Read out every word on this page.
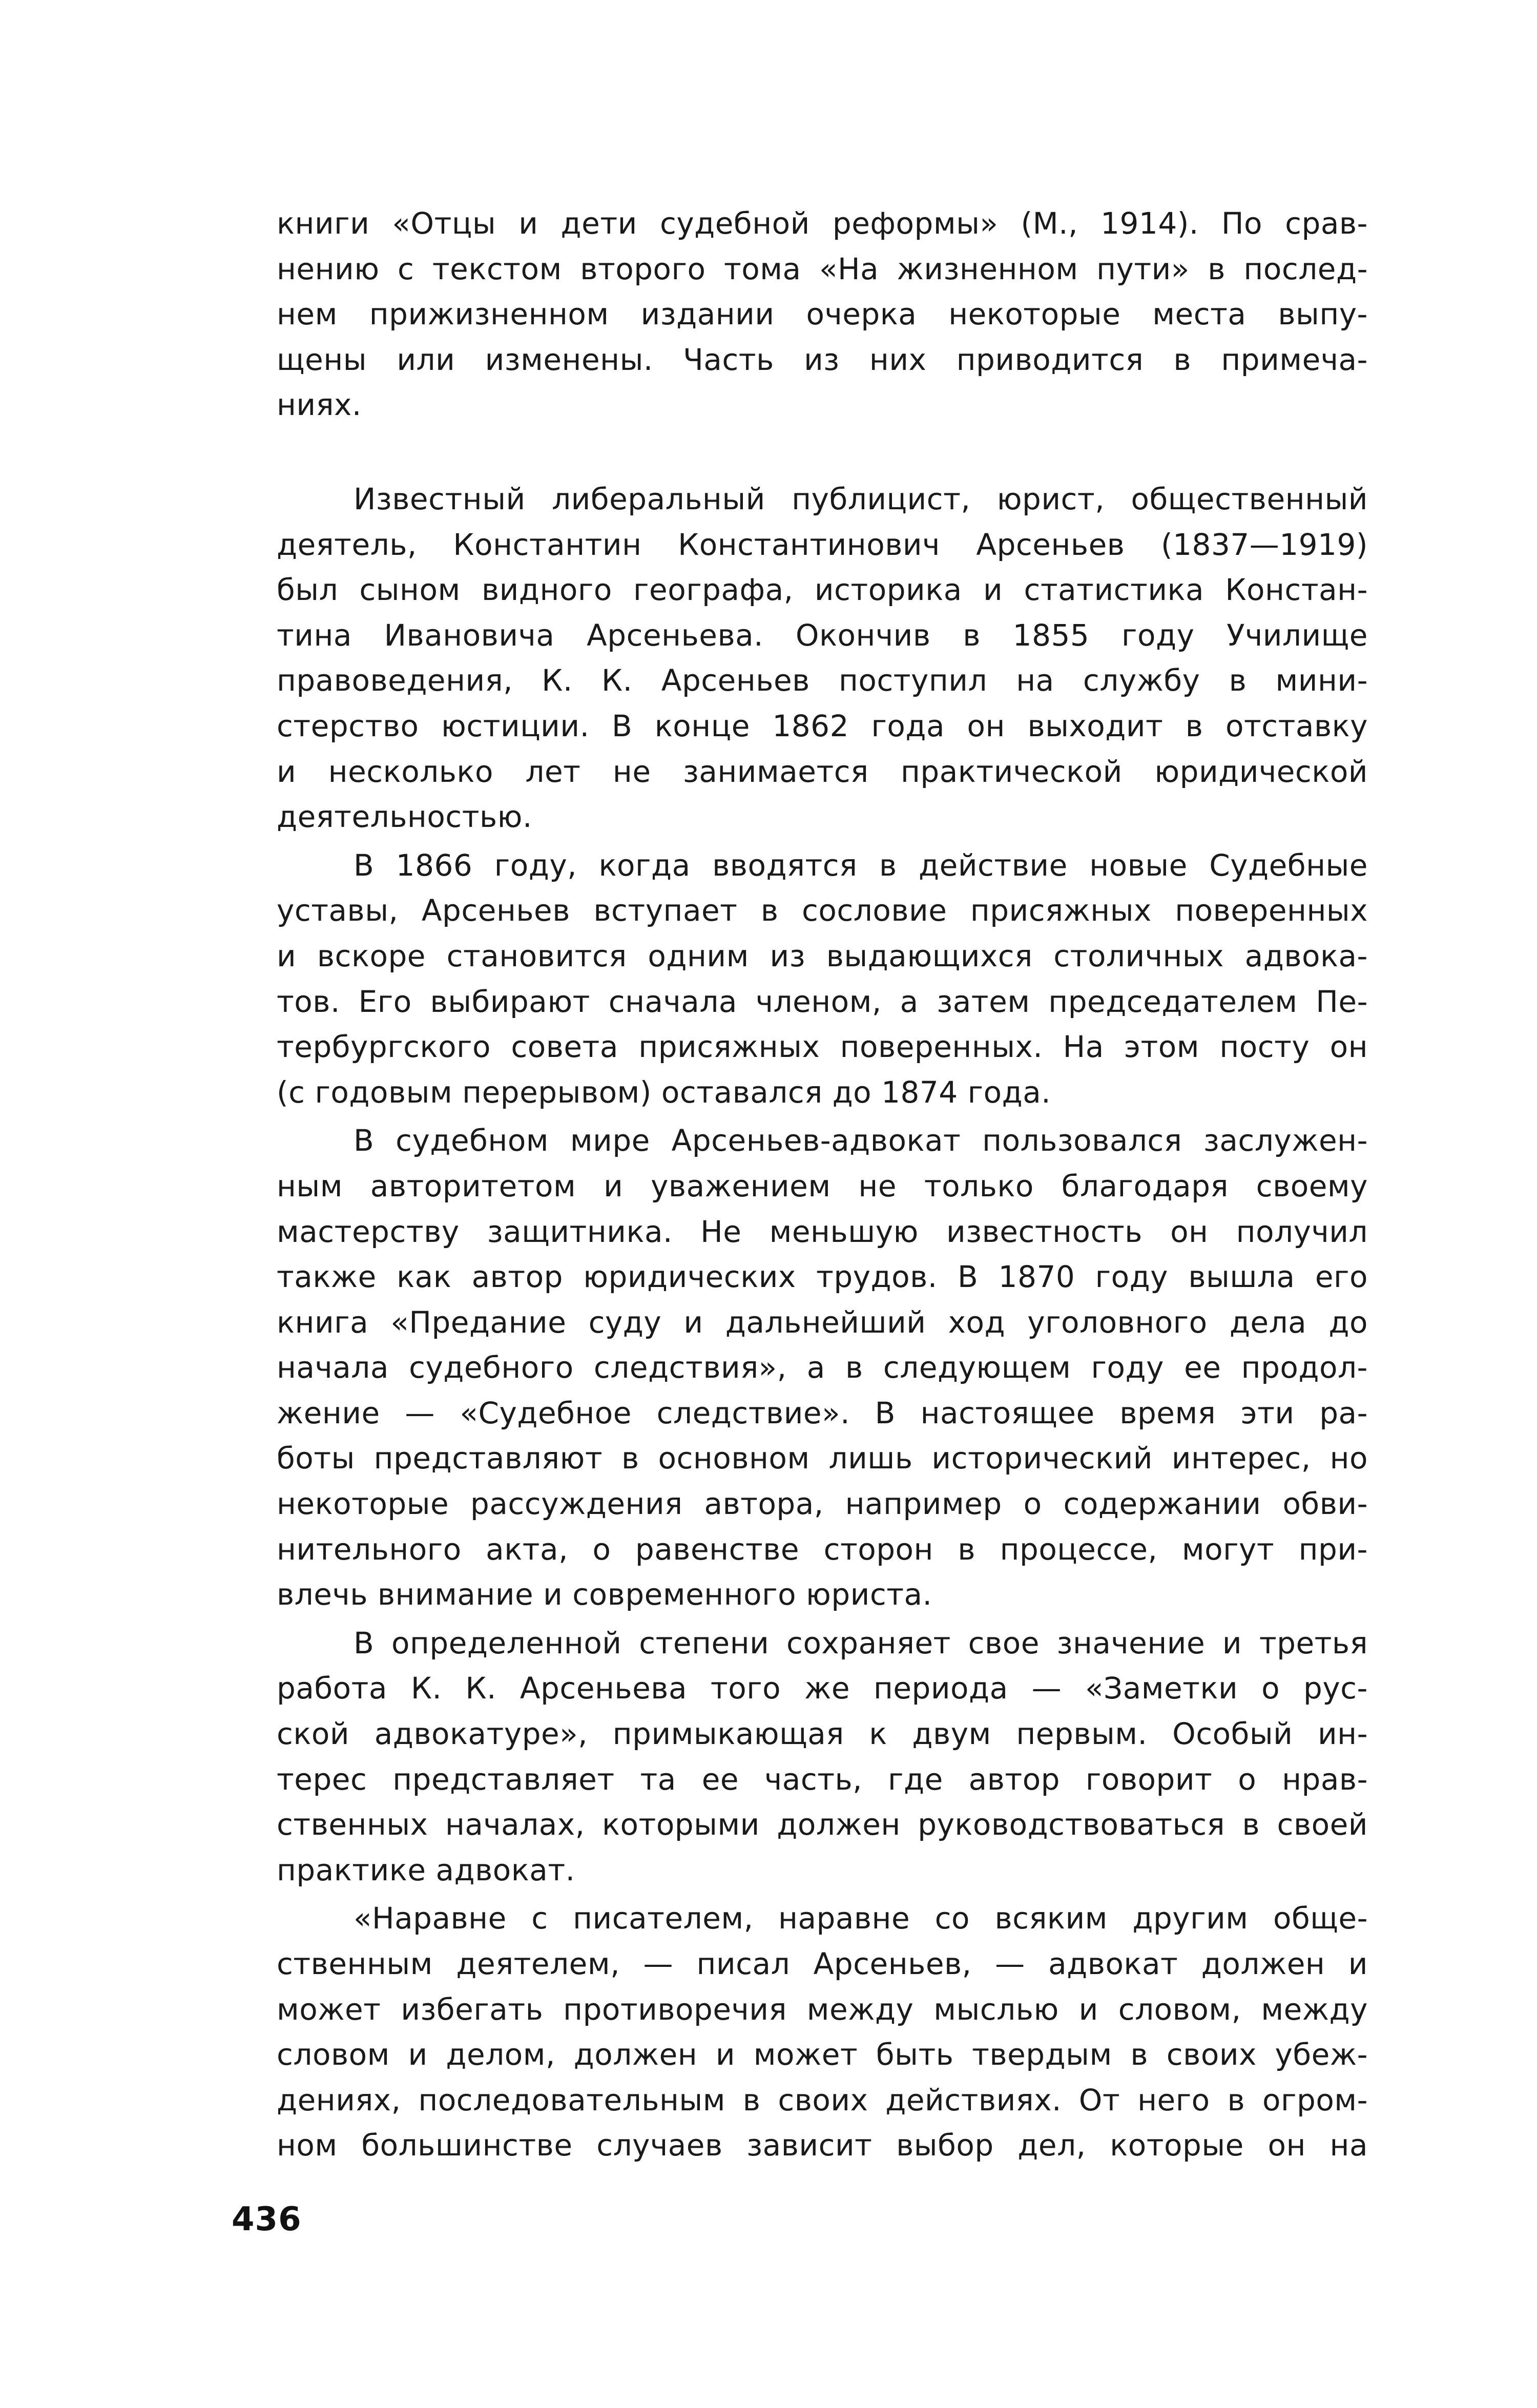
книги «Отцы и дети судебной реформы» (М., 1914). По срав-
нению с текстом второго тома «На жизненном пути» в послед-
нем прижизненном издании очерка некоторые места выпу-
щены или изменены. Часть из них приводится в примеча-
ниях.
Известный либеральный публицист, юрист, общественный
деятель, Константин Константинович Арсеньев (1837—1919)
был сыном видного географа, историка и статистика Констан-
тина Ивановича Арсеньева. Окончив в 1855 году Училище
правоведения, К. К. Арсеньев поступил на службу в мини-
стерство юстиции. В конце 1862 года он выходит в отставку
и несколько лет не занимается практической юридической
деятельностью.
В 1866 году, когда вводятся в действие новые Судебные
уставы, Арсеньев вступает в сословие присяжных поверенных
и вскоре становится одним из выдающихся столичных адвока-
тов. Его выбирают сначала членом, а затем председателем Пе-
тербургского совета присяжных поверенных. На этом посту он
(с годовым перерывом) оставался до 1874 года.
В судебном мире Арсеньев-адвокат пользовался заслужен-
ным авторитетом и уважением не только благодаря своему
мастерству защитника. Не меньшую известность он получил
также как автор юридических трудов. В 1870 году вышла его
книга «Предание суду и дальнейший ход уголовного дела до
начала судебного следствия», а в следующем году ее продол-
жение — «Судебное следствие». В настоящее время эти ра-
боты представляют в основном лишь исторический интерес, но
некоторые рассуждения автора, например о содержании обви-
нительного акта, о равенстве сторон в процессе, могут при-
влечь внимание и современного юриста.
В определенной степени сохраняет свое значение и третья
работа К. К. Арсеньева того же периода — «Заметки о рус-
ской адвокатуре», примыкающая к двум первым. Особый ин-
терес представляет та ее часть, где автор говорит о нрав-
ственных началах, которыми должен руководствоваться в своей
практике адвокат.
«Наравне с писателем, наравне со всяким другим обще-
ственным деятелем, — писал Арсеньев, — адвокат должен и
может избегать противоречия между мыслью и словом, между
словом и делом, должен и может быть твердым в своих убеж-
дениях, последовательным в своих действиях. От него в огром-
ном большинстве случаев зависит выбор дел, которые он на
436
